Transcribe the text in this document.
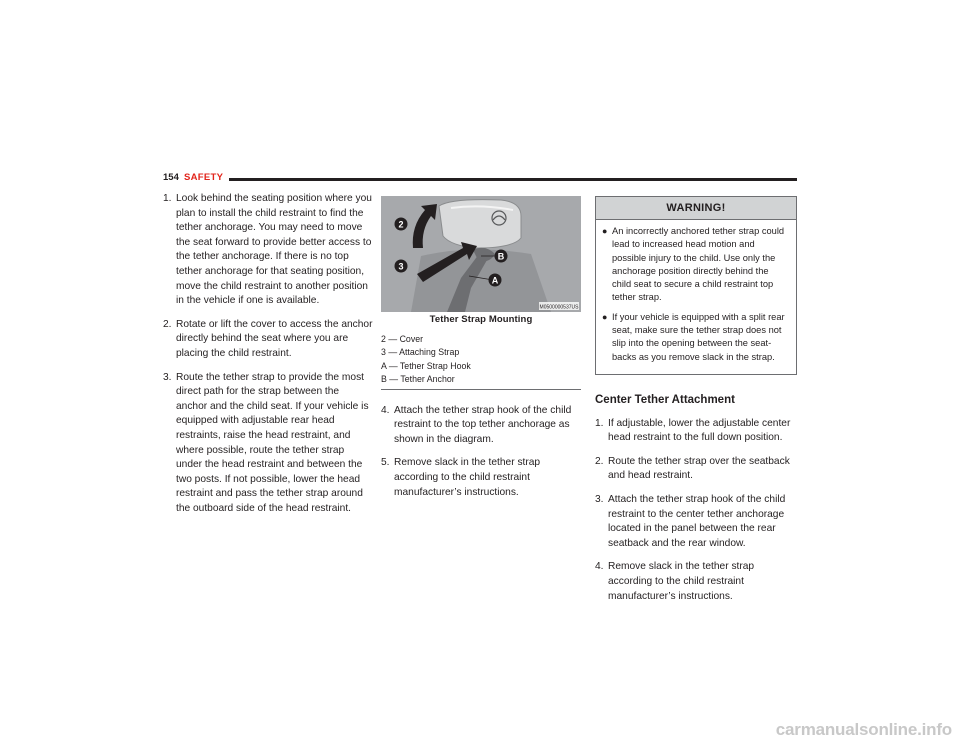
154 SAFETY
1. Look behind the seating position where you plan to install the child restraint to find the tether anchorage. You may need to move the seat forward to provide better access to the tether anchorage. If there is no top tether anchorage for that seating position, move the child restraint to another position in the vehicle if one is available.
2. Rotate or lift the cover to access the anchor directly behind the seat where you are placing the child restraint.
3. Route the tether strap to provide the most direct path for the strap between the anchor and the child seat. If your vehicle is equipped with adjustable rear head restraints, raise the head restraint, and where possible, route the tether strap under the head restraint and between the two posts. If not possible, lower the head restraint and pass the tether strap around the outboard side of the head restraint.
2
3
A
B
M0500000537US
Tether Strap Mounting
2 — Cover
3 — Attaching Strap
A — Tether Strap Hook
B — Tether Anchor
4. Attach the tether strap hook of the child restraint to the top tether anchorage as shown in the diagram.
5. Remove slack in the tether strap according to the child restraint manufacturer’s instructions.
WARNING!
● An incorrectly anchored tether strap could lead to increased head motion and possible injury to the child. Use only the anchorage position directly behind the child seat to secure a child restraint top tether strap.
● If your vehicle is equipped with a split rear seat, make sure the tether strap does not slip into the opening between the seat-backs as you remove slack in the strap.
Center Tether Attachment
1. If adjustable, lower the adjustable center head restraint to the full down position.
2. Route the tether strap over the seatback and head restraint.
3. Attach the tether strap hook of the child restraint to the center tether anchorage located in the panel between the rear seatback and the rear window.
4. Remove slack in the tether strap according to the child restraint manufacturer’s instructions.
carmanualsonline.info
